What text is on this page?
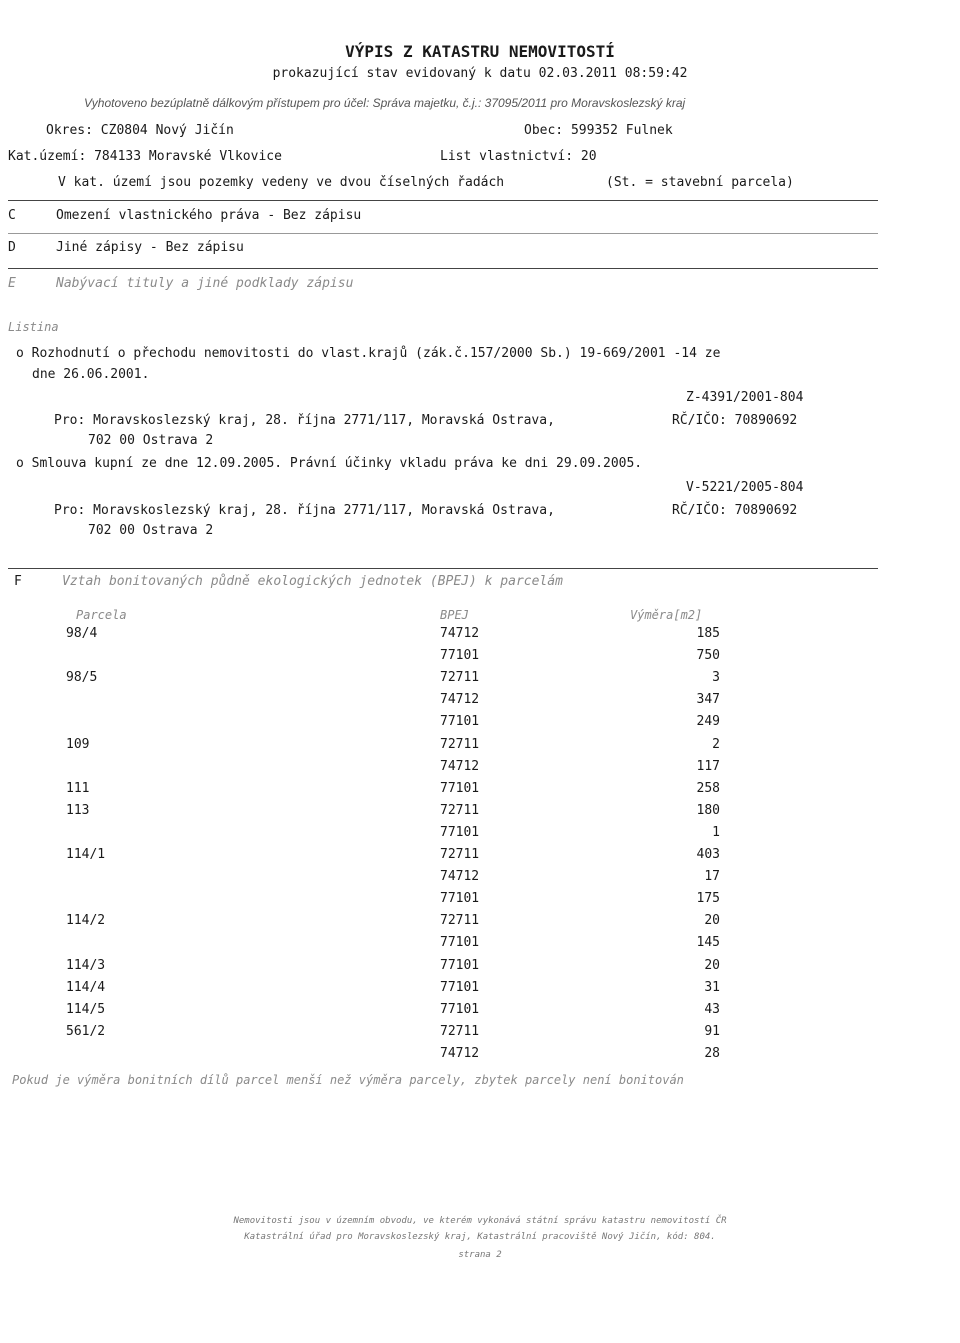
VÝPIS Z KATASTRU NEMOVITOSTÍ
prokazující stav evidovaný k datu 02.03.2011 08:59:42
Vyhotoveno bezúplatně dálkovým přístupem pro účel: Správa majetku, č.j.: 37095/2011 pro Moravskoslezský kraj
Okres: CZ0804 Nový Jičín	Obec: 599352 Fulnek
Kat.území: 784133 Moravské Vlkovice	List vlastnictví: 20
V kat. území jsou pozemky vedeny ve dvou číselných řadách	(St. = stavební parcela)
C	Omezení vlastnického práva - Bez zápisu
D	Jiné zápisy - Bez zápisu
E	Nabývací tituly a jiné podklady zápisu
Listina
o Rozhodnutí o přechodu nemovitosti do vlast.krajů (zák.č.157/2000 Sb.) 19-669/2001 -14 ze
dne 26.06.2001.
Z-4391/2001-804
Pro: Moravskoslezský kraj, 28. října 2771/117, Moravská Ostrava,	RČ/IČO: 70890692
702 00 Ostrava 2
o Smlouva kupní ze dne 12.09.2005. Právní účinky vkladu práva ke dni 29.09.2005.
V-5221/2005-804
Pro: Moravskoslezský kraj, 28. října 2771/117, Moravská Ostrava,	RČ/IČO: 70890692
702 00 Ostrava 2
F	Vztah bonitovaných půdně ekologických jednotek (BPEJ) k parcelám
Parcela	BPEJ	Výměra[m2]
98/4	74712	185
77101	750
98/5	72711	3
74712	347
77101	249
109	72711	2
74712	117
111	77101	258
113	72711	180
77101	1
114/1	72711	403
74712	17
77101	175
114/2	72711	20
77101	145
114/3	77101	20
114/4	77101	31
114/5	77101	43
561/2	72711	91
74712	28
Pokud je výměra bonitních dílů parcel menší než výměra parcely, zbytek parcely není bonitován
Nemovitosti jsou v územním obvodu, ve kterém vykonává státní správu katastru nemovitostí ČR
Katastrální úřad pro Moravskoslezský kraj, Katastrální pracoviště Nový Jičín, kód: 804.
strana 2
